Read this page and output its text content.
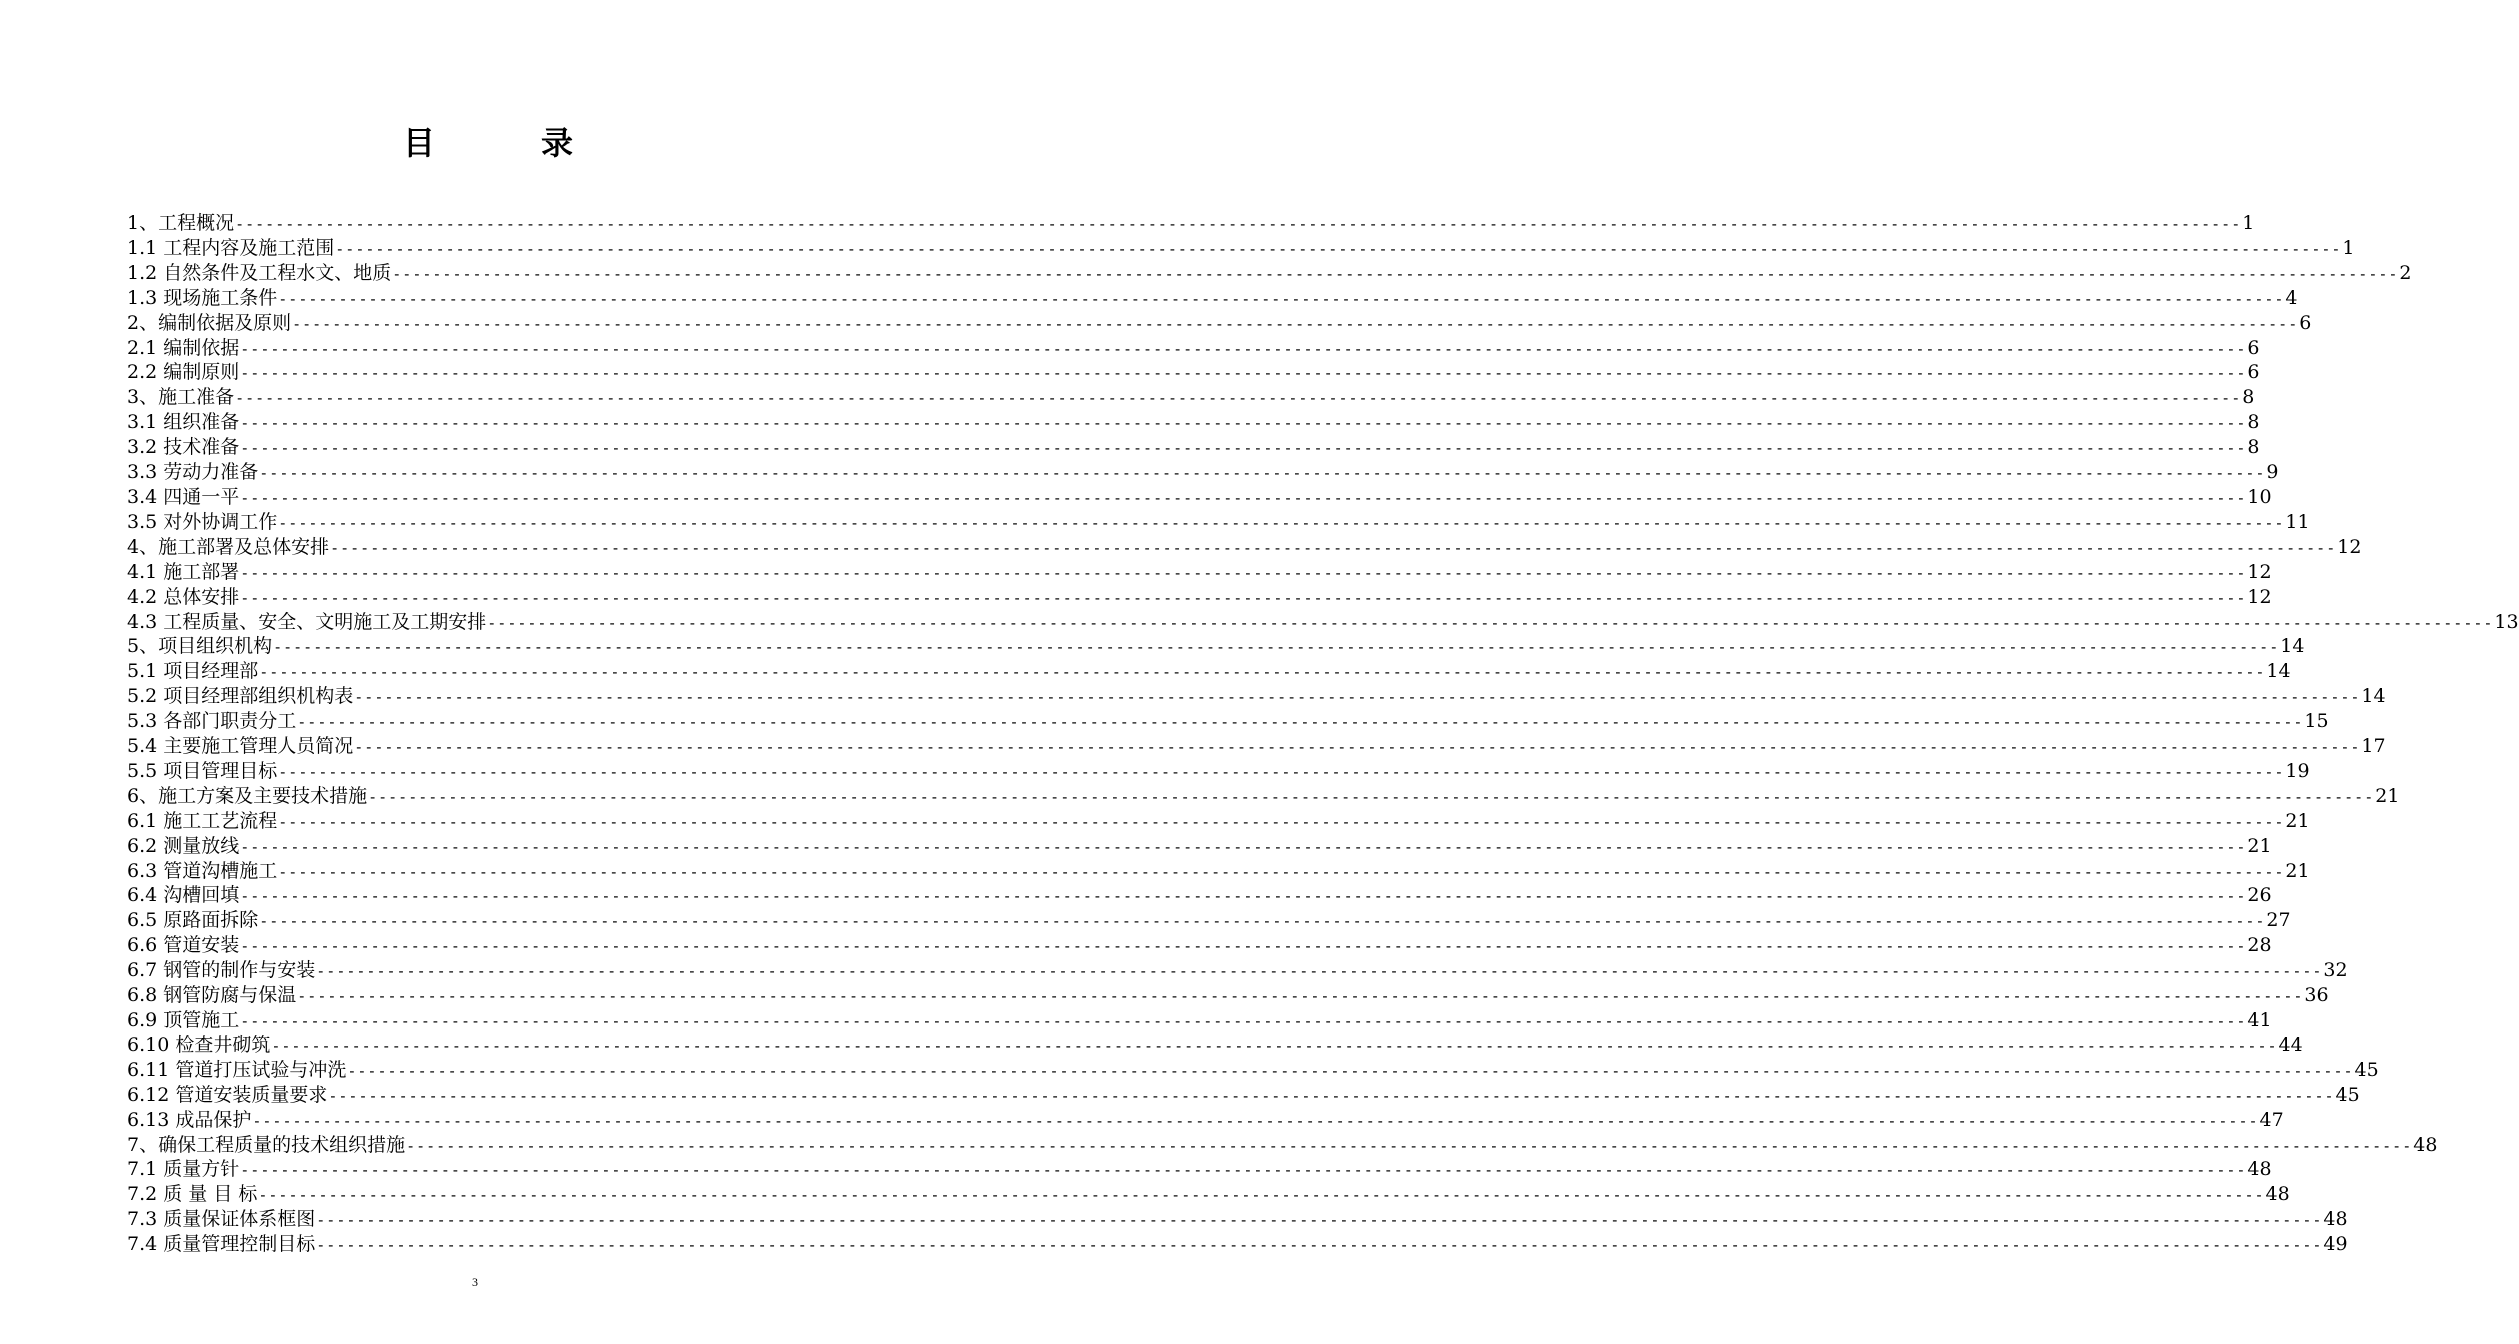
目	录
1、工程概况 -------------------------------------------------------------------------------------------------------------------------------------------------------------------------------------------------------- 1
1.1 工程内容及施工范围 -------------------------------------------------------------------------------------------------------------------------------------------------------------------------------------------------------- 1
1.2 自然条件及工程水文、地质 -------------------------------------------------------------------------------------------------------------------------------------------------------------------------------------------------------- 2
1.3 现场施工条件 -------------------------------------------------------------------------------------------------------------------------------------------------------------------------------------------------------- 4
2、编制依据及原则 -------------------------------------------------------------------------------------------------------------------------------------------------------------------------------------------------------- 6
2.1 编制依据 -------------------------------------------------------------------------------------------------------------------------------------------------------------------------------------------------------- 6
2.2 编制原则 -------------------------------------------------------------------------------------------------------------------------------------------------------------------------------------------------------- 6
3、施工准备 -------------------------------------------------------------------------------------------------------------------------------------------------------------------------------------------------------- 8
3.1 组织准备 -------------------------------------------------------------------------------------------------------------------------------------------------------------------------------------------------------- 8
3.2 技术准备 -------------------------------------------------------------------------------------------------------------------------------------------------------------------------------------------------------- 8
3.3 劳动力准备 -------------------------------------------------------------------------------------------------------------------------------------------------------------------------------------------------------- 9
3.4 四通一平 -------------------------------------------------------------------------------------------------------------------------------------------------------------------------------------------------------- 10
3.5 对外协调工作 -------------------------------------------------------------------------------------------------------------------------------------------------------------------------------------------------------- 11
4、施工部署及总体安排 -------------------------------------------------------------------------------------------------------------------------------------------------------------------------------------------------------- 12
4.1 施工部署 -------------------------------------------------------------------------------------------------------------------------------------------------------------------------------------------------------- 12
4.2 总体安排 -------------------------------------------------------------------------------------------------------------------------------------------------------------------------------------------------------- 12
4.3 工程质量、安全、文明施工及工期安排 -------------------------------------------------------------------------------------------------------------------------------------------------------------------------------------------------------- 13
5、项目组织机构 -------------------------------------------------------------------------------------------------------------------------------------------------------------------------------------------------------- 14
5.1 项目经理部 -------------------------------------------------------------------------------------------------------------------------------------------------------------------------------------------------------- 14
5.2 项目经理部组织机构表 -------------------------------------------------------------------------------------------------------------------------------------------------------------------------------------------------------- 14
5.3 各部门职责分工 -------------------------------------------------------------------------------------------------------------------------------------------------------------------------------------------------------- 15
5.4 主要施工管理人员简况 -------------------------------------------------------------------------------------------------------------------------------------------------------------------------------------------------------- 17
5.5 项目管理目标 -------------------------------------------------------------------------------------------------------------------------------------------------------------------------------------------------------- 19
6、施工方案及主要技术措施 -------------------------------------------------------------------------------------------------------------------------------------------------------------------------------------------------------- 21
6.1 施工工艺流程 -------------------------------------------------------------------------------------------------------------------------------------------------------------------------------------------------------- 21
6.2 测量放线 -------------------------------------------------------------------------------------------------------------------------------------------------------------------------------------------------------- 21
6.3 管道沟槽施工 -------------------------------------------------------------------------------------------------------------------------------------------------------------------------------------------------------- 21
6.4 沟槽回填 -------------------------------------------------------------------------------------------------------------------------------------------------------------------------------------------------------- 26
6.5 原路面拆除 -------------------------------------------------------------------------------------------------------------------------------------------------------------------------------------------------------- 27
6.6 管道安装 -------------------------------------------------------------------------------------------------------------------------------------------------------------------------------------------------------- 28
6.7 钢管的制作与安装 -------------------------------------------------------------------------------------------------------------------------------------------------------------------------------------------------------- 32
6.8 钢管防腐与保温 -------------------------------------------------------------------------------------------------------------------------------------------------------------------------------------------------------- 36
6.9 顶管施工 -------------------------------------------------------------------------------------------------------------------------------------------------------------------------------------------------------- 41
6.10 检查井砌筑 -------------------------------------------------------------------------------------------------------------------------------------------------------------------------------------------------------- 44
6.11 管道打压试验与冲洗 -------------------------------------------------------------------------------------------------------------------------------------------------------------------------------------------------------- 45
6.12 管道安装质量要求 -------------------------------------------------------------------------------------------------------------------------------------------------------------------------------------------------------- 45
6.13 成品保护 -------------------------------------------------------------------------------------------------------------------------------------------------------------------------------------------------------- 47
7、确保工程质量的技术组织措施 -------------------------------------------------------------------------------------------------------------------------------------------------------------------------------------------------------- 48
7.1 质量方针 -------------------------------------------------------------------------------------------------------------------------------------------------------------------------------------------------------- 48
7.2 质 量 目 标 -------------------------------------------------------------------------------------------------------------------------------------------------------------------------------------------------------- 48
7.3 质量保证体系框图 -------------------------------------------------------------------------------------------------------------------------------------------------------------------------------------------------------- 48
7.4 质量管理控制目标 -------------------------------------------------------------------------------------------------------------------------------------------------------------------------------------------------------- 49
3
